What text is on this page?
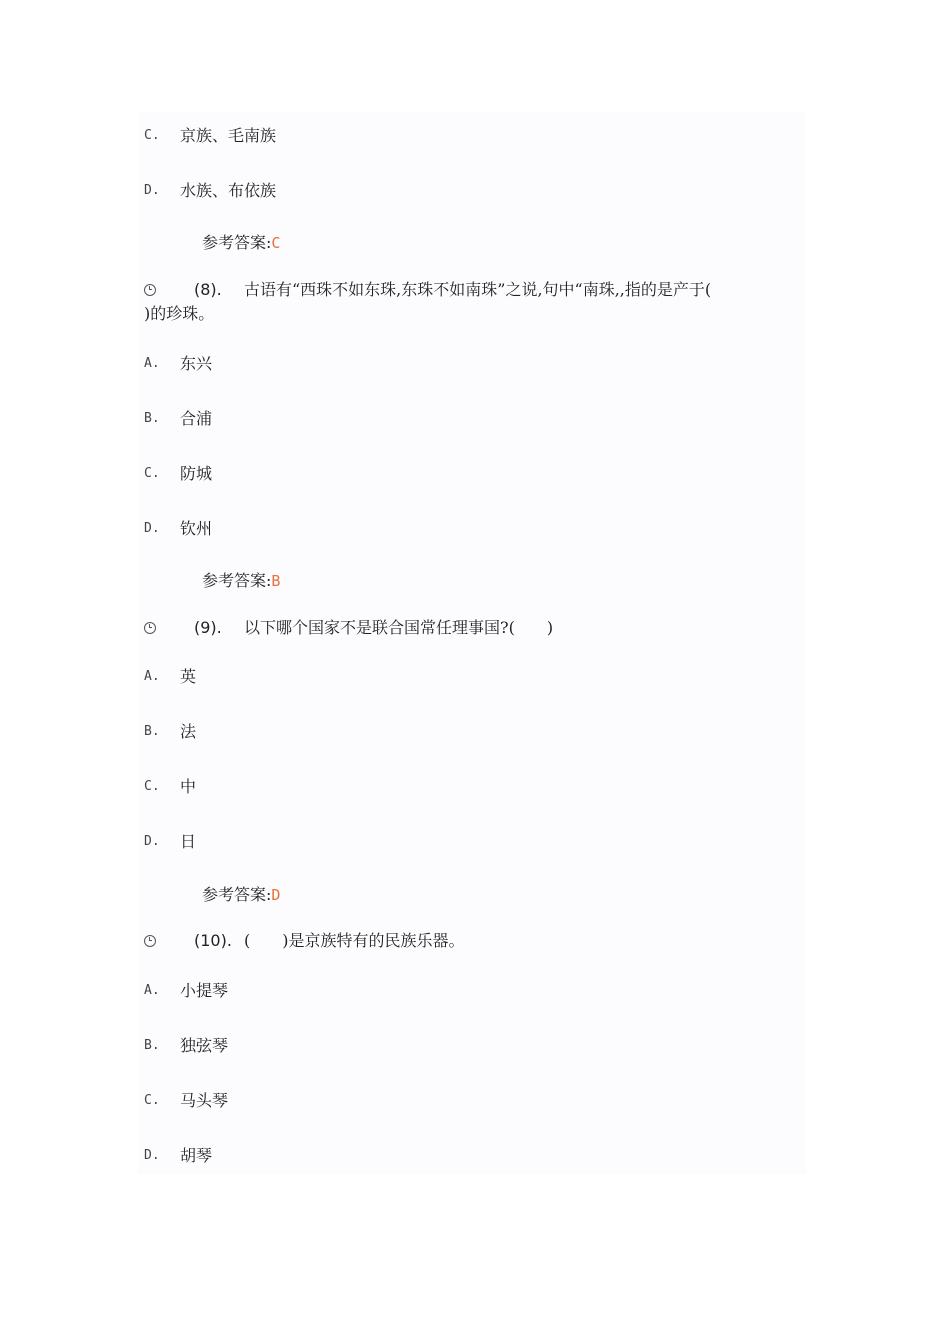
C. 京族、毛南族
D. 水族、布依族
参考答案:C
(8). 古语有“西珠不如东珠,东珠不如南珠”之说,句中“南珠,,指的是产于(
)的珍珠。
A. 东兴
B. 合浦
C. 防城
D. 钦州
参考答案:B
(9). 以下哪个国家不是联合国常任理事国?(　　)
A. 英
B. 法
C. 中
D. 日
参考答案:D
(10). (　　)是京族特有的民族乐器。
A. 小提琴
B. 独弦琴
C. 马头琴
D. 胡琴
